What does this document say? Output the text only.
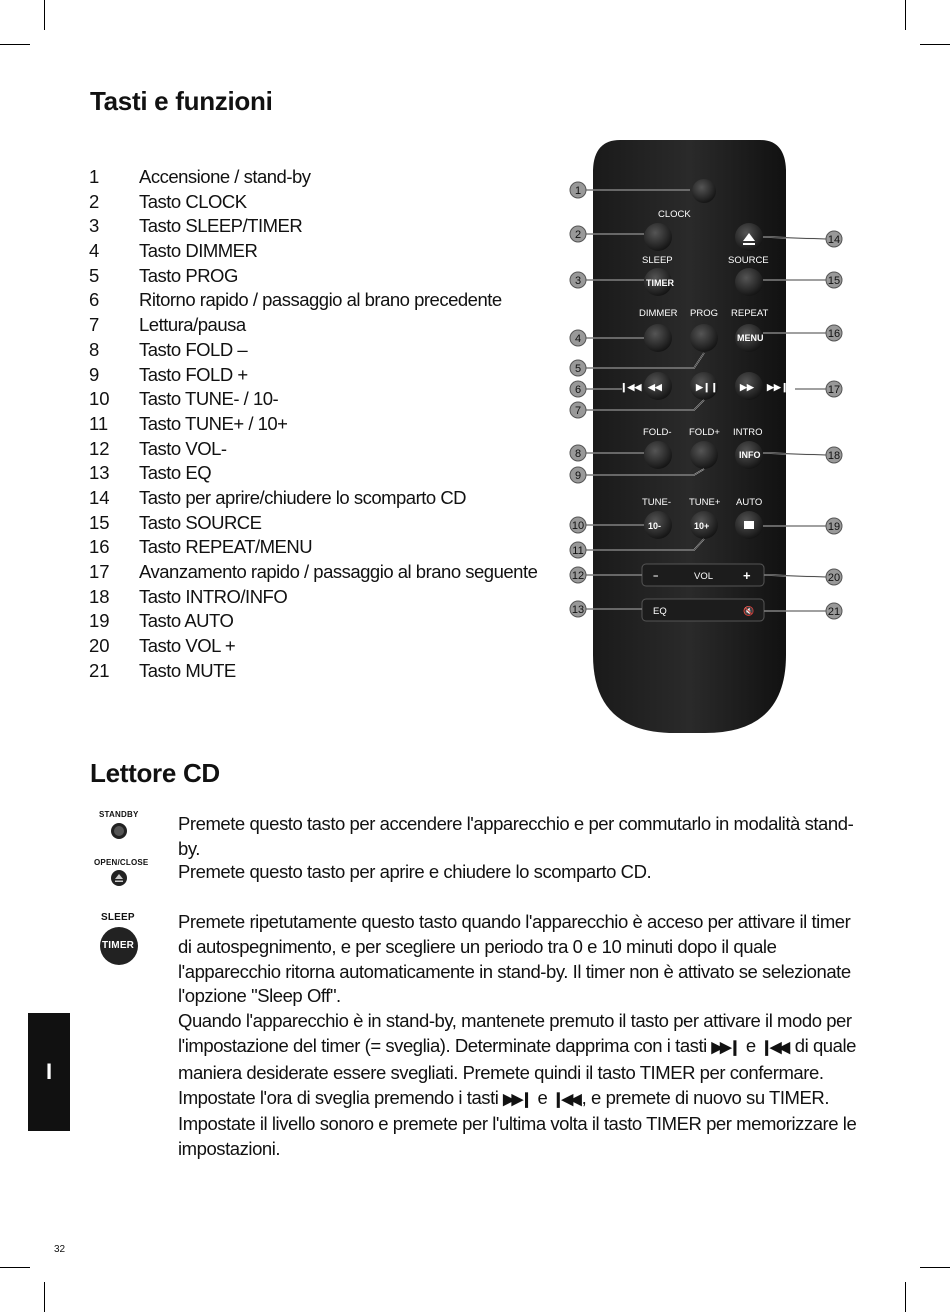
Tasti e funzioni
1 Accensione / stand-by
2 Tasto CLOCK
3 Tasto SLEEP/TIMER
4 Tasto DIMMER
5 Tasto PROG
6 Ritorno rapido / passaggio al brano precedente
7 Lettura/pausa
8 Tasto FOLD –
9 Tasto FOLD +
10 Tasto TUNE- / 10-
11 Tasto TUNE+ / 10+
12 Tasto VOL-
13 Tasto EQ
14 Tasto per aprire/chiudere lo scomparto CD
15 Tasto SOURCE
16 Tasto REPEAT/MENU
17 Avanzamento rapido / passaggio al brano seguente
18 Tasto INTRO/INFO
19 Tasto AUTO
20 Tasto VOL +
21 Tasto MUTE
CLOCK
SLEEP	SOURCE
TIMER
DIMMER PROG REPEAT
MENU
◀◀
❙◀◀	▶❙❙ ▶▶ ▶▶❙
FOLD- FOLD+ INTRO
INFO
TUNE- TUNE+ AUTO
10-	10+
−	VOL +
EQ	🔇
1
2
3
4
5
6
7
8
9
10
11
12
13
14
15
16
17
18
19
20
21
Lettore CD
STANDBY Premete questo tasto per accendere l'apparecchio e per commutarlo in modalità stand-by.
OPEN/CLOSE Premete questo tasto per aprire e chiudere lo scomparto CD.
SLEEP
TIMER
Premete ripetutamente questo tasto quando l'apparecchio è acceso per attivare il timer di autospegnimento, e per scegliere un periodo tra 0 e 10 minuti dopo il quale l'apparecchio ritorna automaticamente in stand-by. Il timer non è attivato se selezionate l'opzione "Sleep Off".
Quando l'apparecchio è in stand-by, mantenete premuto il tasto per attivare il modo per l'impostazione del timer (= sveglia). Determinate dapprima con i tasti ▶▶❙ e ❙◀◀ di quale maniera desiderate essere svegliati. Premete quindi il tasto TIMER per confermare. Impostate l'ora di sveglia premendo i tasti ▶▶❙ e ❙◀◀ , e premete di nuovo su TIMER. Impostate il livello sonoro e premete per l'ultima volta il tasto TIMER per memorizzare le impostazioni.
I
32
